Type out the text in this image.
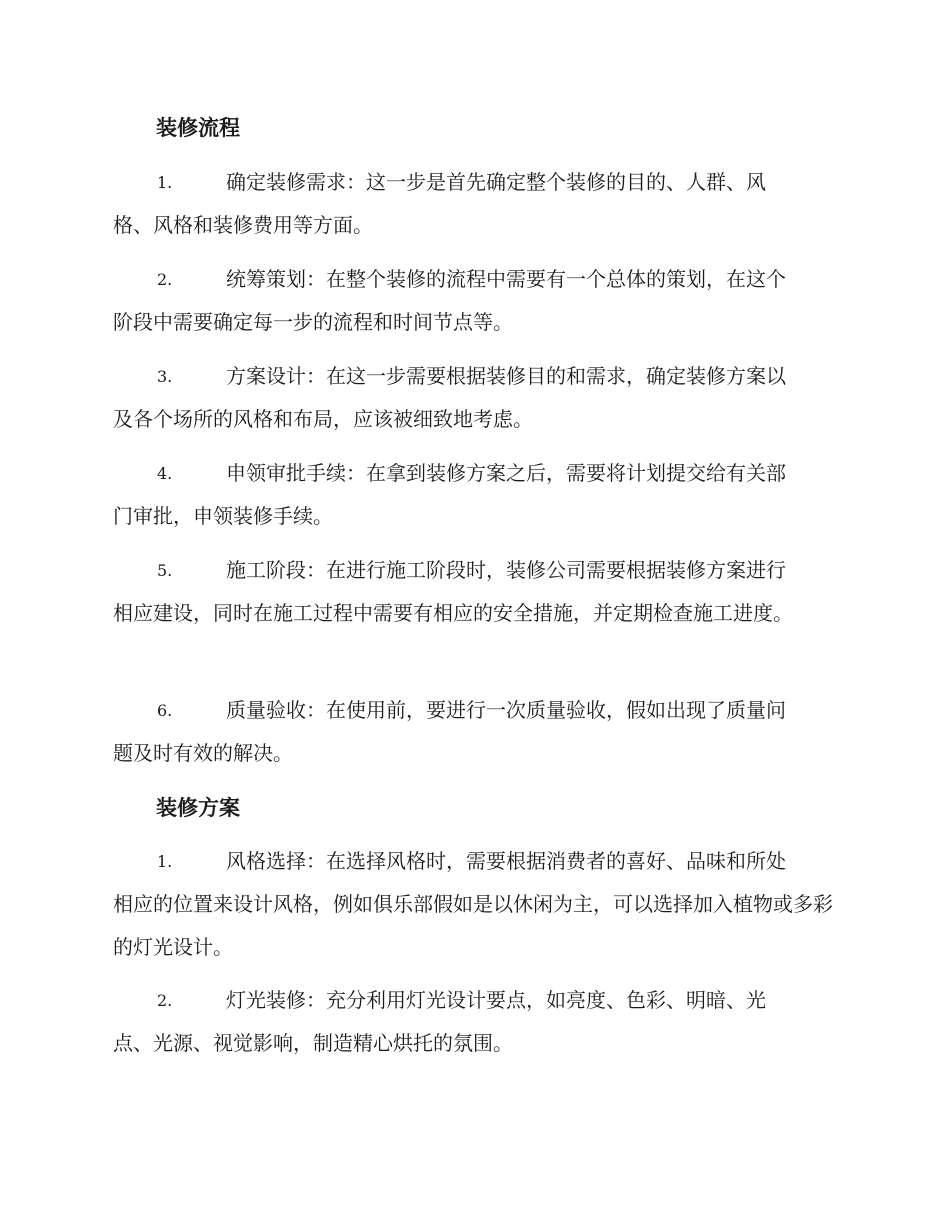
装修流程
1.	确定装修需求：这一步是首先确定整个装修的目的、人群、风
格、风格和装修费用等方面。
2.	统筹策划：在整个装修的流程中需要有一个总体的策划，在这个
阶段中需要确定每一步的流程和时间节点等。
3.	方案设计：在这一步需要根据装修目的和需求，确定装修方案以
及各个场所的风格和布局，应该被细致地考虑。
4.	申领审批手续：在拿到装修方案之后，需要将计划提交给有关部
门审批，申领装修手续。
5.	施工阶段：在进行施工阶段时，装修公司需要根据装修方案进行
相应建设，同时在施工过程中需要有相应的安全措施，并定期检查施工进度。
6.	质量验收：在使用前，要进行一次质量验收，假如出现了质量问
题及时有效的解决。
装修方案
1.	风格选择：在选择风格时，需要根据消费者的喜好、品味和所处
相应的位置来设计风格，例如俱乐部假如是以休闲为主，可以选择加入植物或多彩的灯光设计。
2.	灯光装修：充分利用灯光设计要点，如亮度、色彩、明暗、光
点、光源、视觉影响，制造精心烘托的氛围。
